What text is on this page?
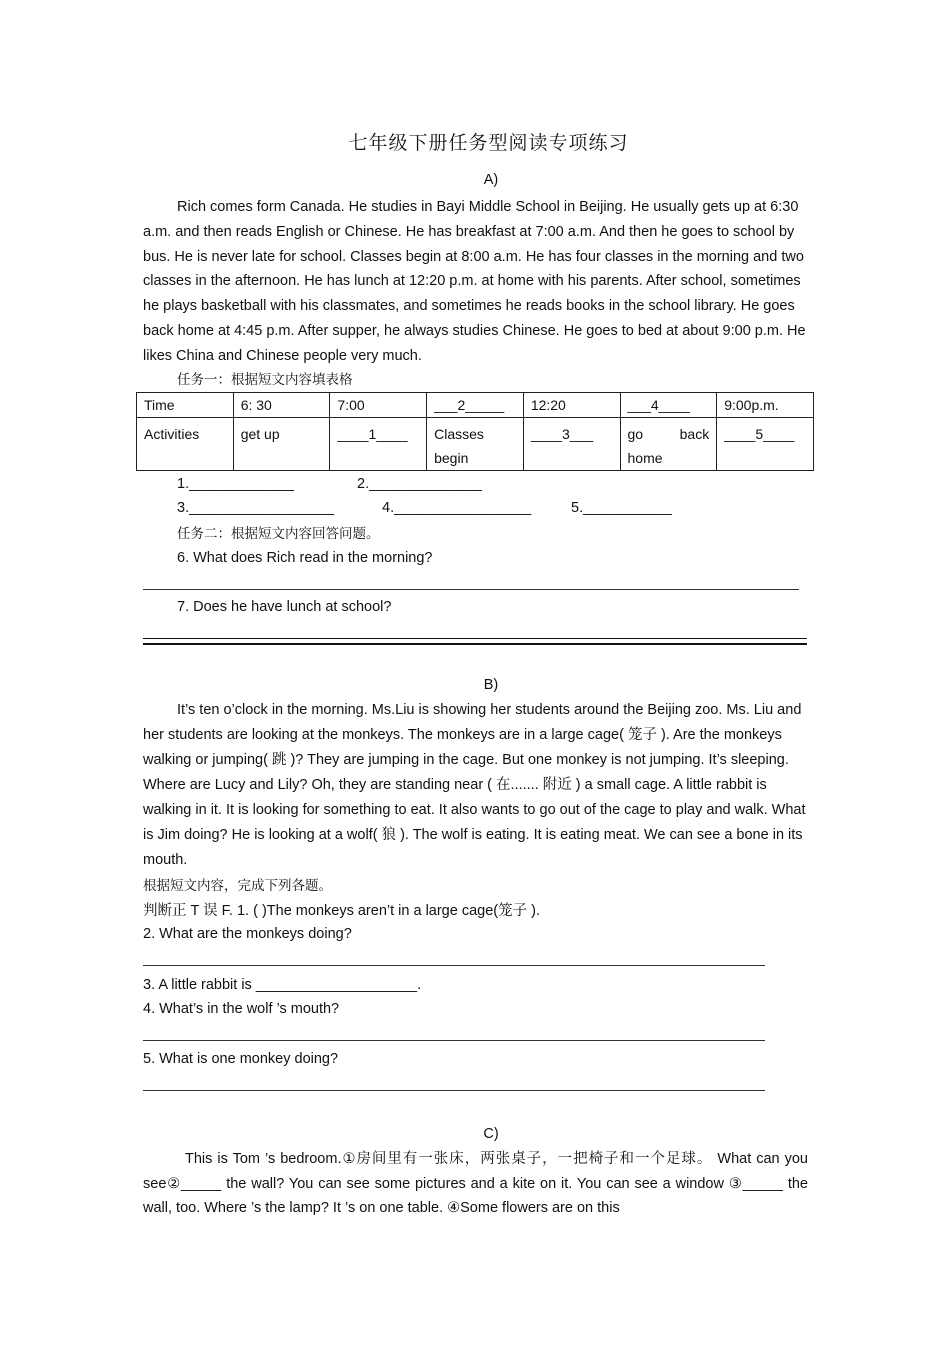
七年级下册任务型阅读专项练习
A)
Rich comes form Canada. He studies in Bayi Middle School in Beijing. He usually gets up at 6:30 a.m. and then reads English or Chinese. He has breakfast at 7:00 a.m. And then he goes to school by bus. He is never late for school. Classes begin at 8:00 a.m. He has four classes in the morning and two classes in the afternoon. He has lunch at 12:20 p.m. at home with his parents. After school, sometimes he plays basketball with his classmates, and sometimes he reads books in the school library. He goes back home at 4:45 p.m. After supper, he always studies Chinese. He goes to bed at about 9:00 p.m. He likes China and Chinese people very much.
任务一：根据短文内容填表格
Time	6: 30	7:00	___2_____	12:20	___4____	9:00p.m.
Activities	get up	____1____	Classes begin	____3___	go back home	____5____
1._____________	2.______________
3.__________________	4._________________	5.___________
任务二：根据短文内容回答问题。
6. What does Rich read in the morning?
7. Does he have lunch at school?
B)
It’s ten o’clock in the morning. Ms.Liu is showing her students around the Beijing zoo. Ms. Liu and her students are looking at the monkeys. The monkeys are in a large cage( 笼子 ). Are the monkeys walking or jumping( 跳 )? They are jumping in the cage. But one monkey is not jumping. It’s sleeping. Where are Lucy and Lily? Oh, they are standing near ( 在....... 附近 ) a small cage. A little rabbit is walking in it. It is looking for something to eat. It also wants to go out of the cage to play and walk. What is Jim doing? He is looking at a wolf( 狼 ). The wolf is eating. It is eating meat. We can see a bone in its mouth.
根据短文内容，完成下列各题。
判断正 T 误 F. 1. ( )The monkeys aren’t in a large cage(笼子 ).
2. What are the monkeys doing?
3. A little rabbit is ____________________.
4. What’s in the wolf ’s mouth?
5. What is one monkey doing?
C)
This is Tom ’s bedroom.①房间里有一张床，两张桌子，一把椅子和一个足球。 What can you see②_____ the wall? You can see some pictures and a kite on it. You can see a window ③_____ the wall, too. Where ’s the lamp? It ’s on one table. ④Some flowers are on this
